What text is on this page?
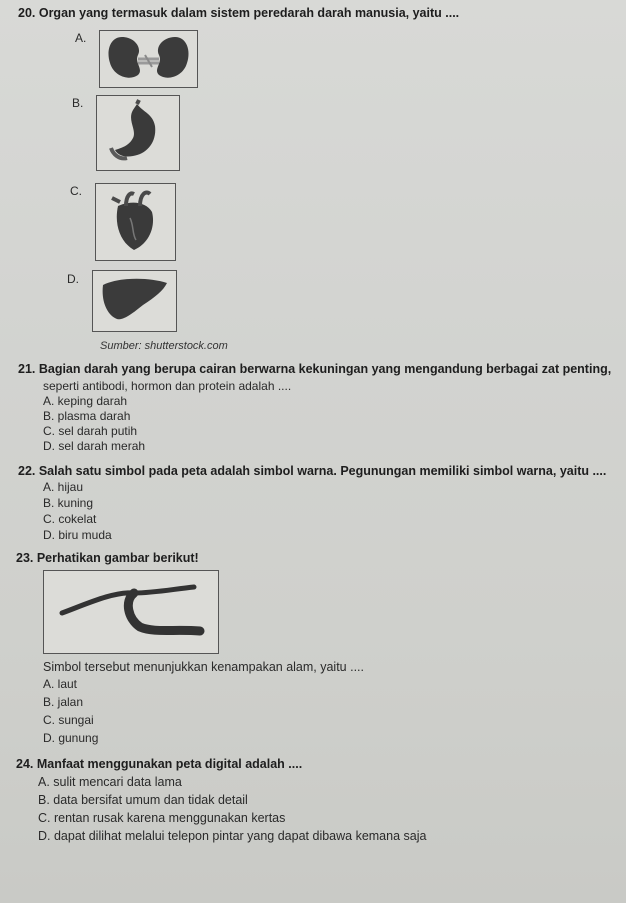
20. Organ yang termasuk dalam sistem peredarah darah manusia, yaitu ....
A.
B.
C.
D.
Sumber: shutterstock.com
21. Bagian darah yang berupa cairan berwarna kekuningan yang mengandung berbagai zat penting,
seperti antibodi, hormon dan protein adalah ....
A. keping darah
B. plasma darah
C. sel darah putih
D. sel darah merah
22. Salah satu simbol pada peta adalah simbol warna. Pegunungan memiliki simbol warna, yaitu ....
A. hijau
B. kuning
C. cokelat
D. biru muda
23. Perhatikan gambar berikut!
Simbol tersebut menunjukkan kenampakan alam, yaitu ....
A. laut
B. jalan
C. sungai
D. gunung
24. Manfaat menggunakan peta digital adalah ....
A. sulit mencari data lama
B. data bersifat umum dan tidak detail
C. rentan rusak karena menggunakan kertas
D. dapat dilihat melalui telepon pintar yang dapat dibawa kemana saja
